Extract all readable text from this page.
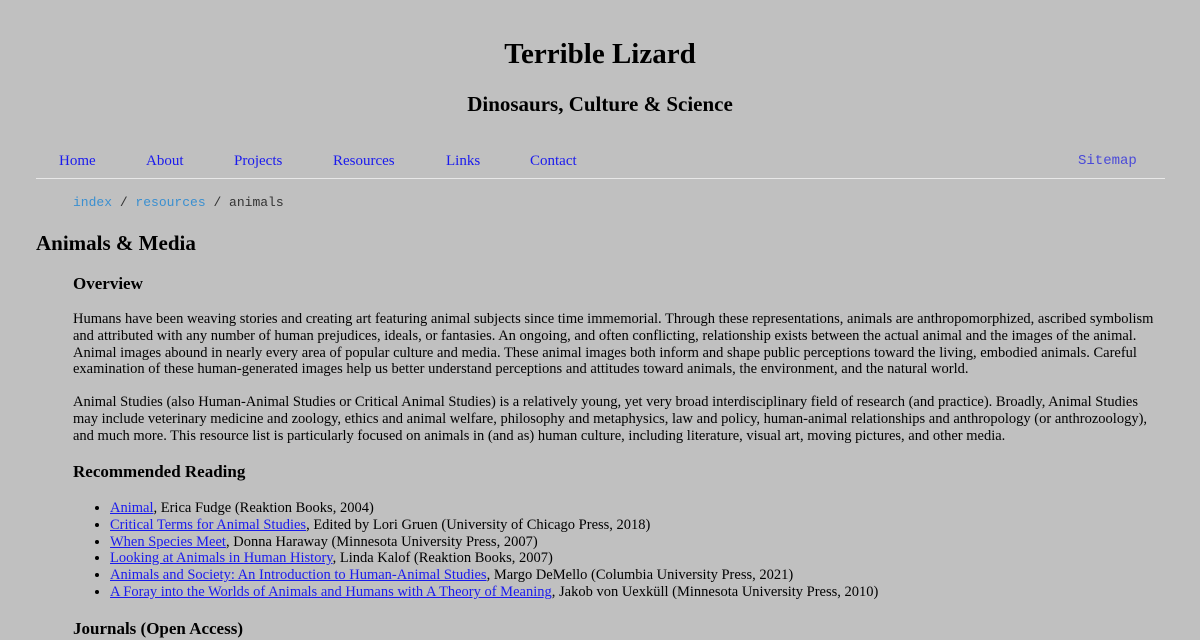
Terrible Lizard
Dinosaurs, Culture & Science
Home	About	Projects	Resources	Links	Contact	Sitemap
index / resources / animals
Animals & Media
Overview

Humans have been weaving stories and creating art featuring animal subjects since time immemorial. Through these representations, animals are anthropomorphized, ascribed symbolism and attributed with any number of human prejudices, ideals, or fantasies. An ongoing, and often conflicting, relationship exists between the actual animal and the images of the animal. Animal images abound in nearly every area of popular culture and media. These animal images both inform and shape public perceptions toward the living, embodied animals. Careful examination of these human-generated images help us better understand perceptions and attitudes toward animals, the environment, and the natural world.

Animal Studies (also Human-Animal Studies or Critical Animal Studies) is a relatively young, yet very broad interdisciplinary field of research (and practice). Broadly, Animal Studies may include veterinary medicine and zoology, ethics and animal welfare, philosophy and metaphysics, law and policy, human-animal relationships and anthropology (or anthrozoology), and much more. This resource list is particularly focused on animals in (and as) human culture, including literature, visual art, moving pictures, and other media.

Recommended Reading
• Animal, Erica Fudge (Reaktion Books, 2004)
• Critical Terms for Animal Studies, Edited by Lori Gruen (University of Chicago Press, 2018)
• When Species Meet, Donna Haraway (Minnesota University Press, 2007)
• Looking at Animals in Human History, Linda Kalof (Reaktion Books, 2007)
• Animals and Society: An Introduction to Human-Animal Studies, Margo DeMello (Columbia University Press, 2021)
• A Foray into the Worlds of Animals and Humans with A Theory of Meaning, Jakob von Uexküll (Minnesota University Press, 2010)
Journals (Open Access)
